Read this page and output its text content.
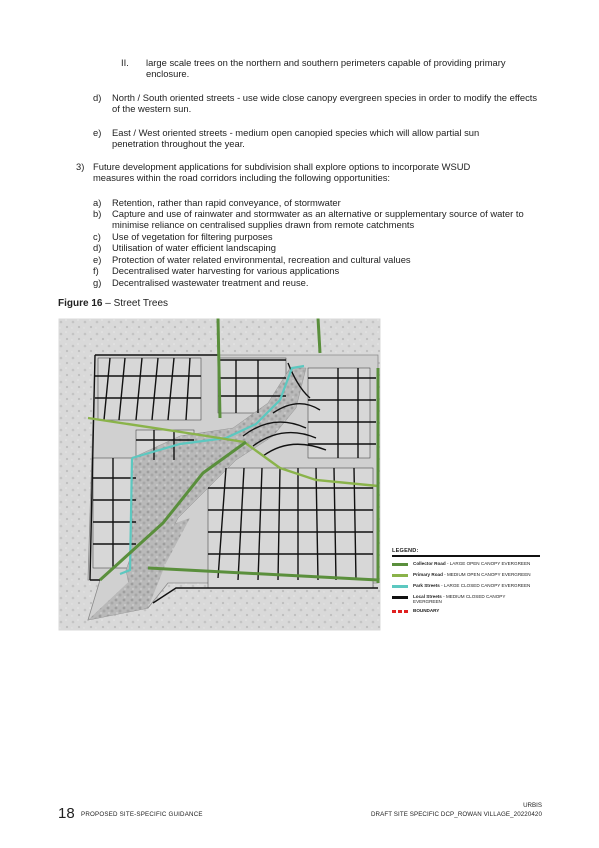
II. large scale trees on the northern and southern perimeters capable of providing primary enclosure.

d) North / South oriented streets - use wide close canopy evergreen species in order to modify the effects of the western sun.

e) East / West oriented streets - medium open canopied species which will allow partial sun penetration throughout the year.

3) Future development applications for subdivision shall explore options to incorporate WSUD measures within the road corridors including the following opportunities:

a) Retention, rather than rapid conveyance, of stormwater

b) Capture and use of rainwater and stormwater as an alternative or supplementary source of water to minimise reliance on centralised supplies drawn from remote catchments

c) Use of vegetation for filtering purposes

d) Utilisation of water efficient landscaping

e) Protection of water related environmental, recreation and cultural values

f) Decentralised water harvesting for various applications

g) Decentralised wastewater treatment and reuse.

Figure 16 – Street Trees
LEGEND:
Collector Road - LARGE OPEN CANOPY EVERGREEN
Primary Road - MEDIUM OPEN CANOPY EVERGREEN
Park Streets - LARGE CLOSED CANOPY EVERGREEN
Local Streets - MEDIUM CLOSED CANOPY EVERGREEN
BOUNDARY
18 PROPOSED SITE-SPECIFIC GUIDANCE
URBIS
DRAFT SITE SPECIFIC DCP_ROWAN VILLAGE_20220420
